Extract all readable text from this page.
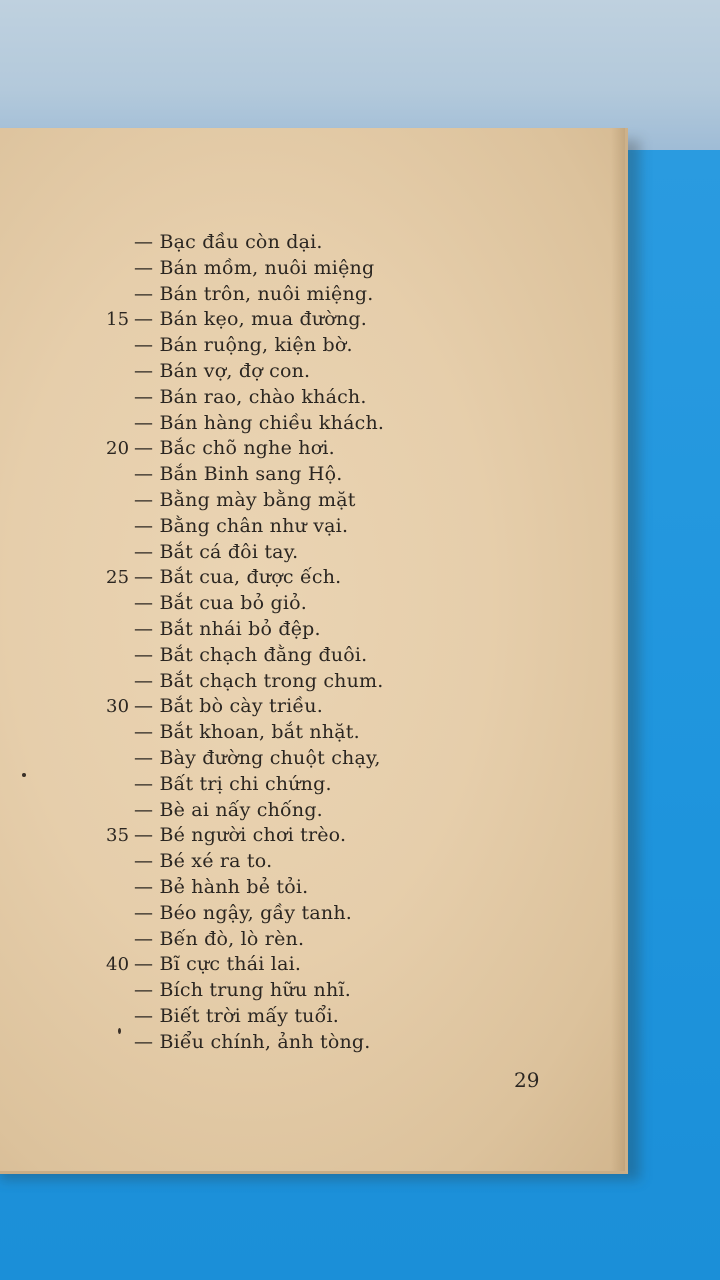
— Bạc đầu còn dại.
— Bán mồm, nuôi miệng
— Bán trôn, nuôi miệng.
15 — Bán kẹo, mua đường.
— Bán ruộng, kiện bờ.
— Bán vợ, đợ con.
— Bán rao, chào khách.
— Bán hàng chiều khách.
20 — Bắc chõ nghe hơi.
— Bắn Binh sang Hộ.
— Bằng mày bằng mặt
— Bằng chân như vại.
— Bắt cá đôi tay.
25 — Bắt cua, được ếch.
— Bắt cua bỏ giỏ.
— Bắt nhái bỏ đệp.
— Bắt chạch đằng đuôi.
— Bắt chạch trong chum.
30 — Bắt bò cày triều.
— Bắt khoan, bắt nhặt.
— Bày đường chuột chạy,
— Bất trị chi chứng.
— Bè ai nấy chống.
35 — Bé người chơi trèo.
— Bé xé ra to.
— Bẻ hành bẻ tỏi.
— Béo ngậy, gầy tanh.
— Bến đò, lò rèn.
40 — Bĩ cực thái lai.
— Bích trung hữu nhĩ.
— Biết trời mấy tuổi.
— Biểu chính, ảnh tòng.
29
